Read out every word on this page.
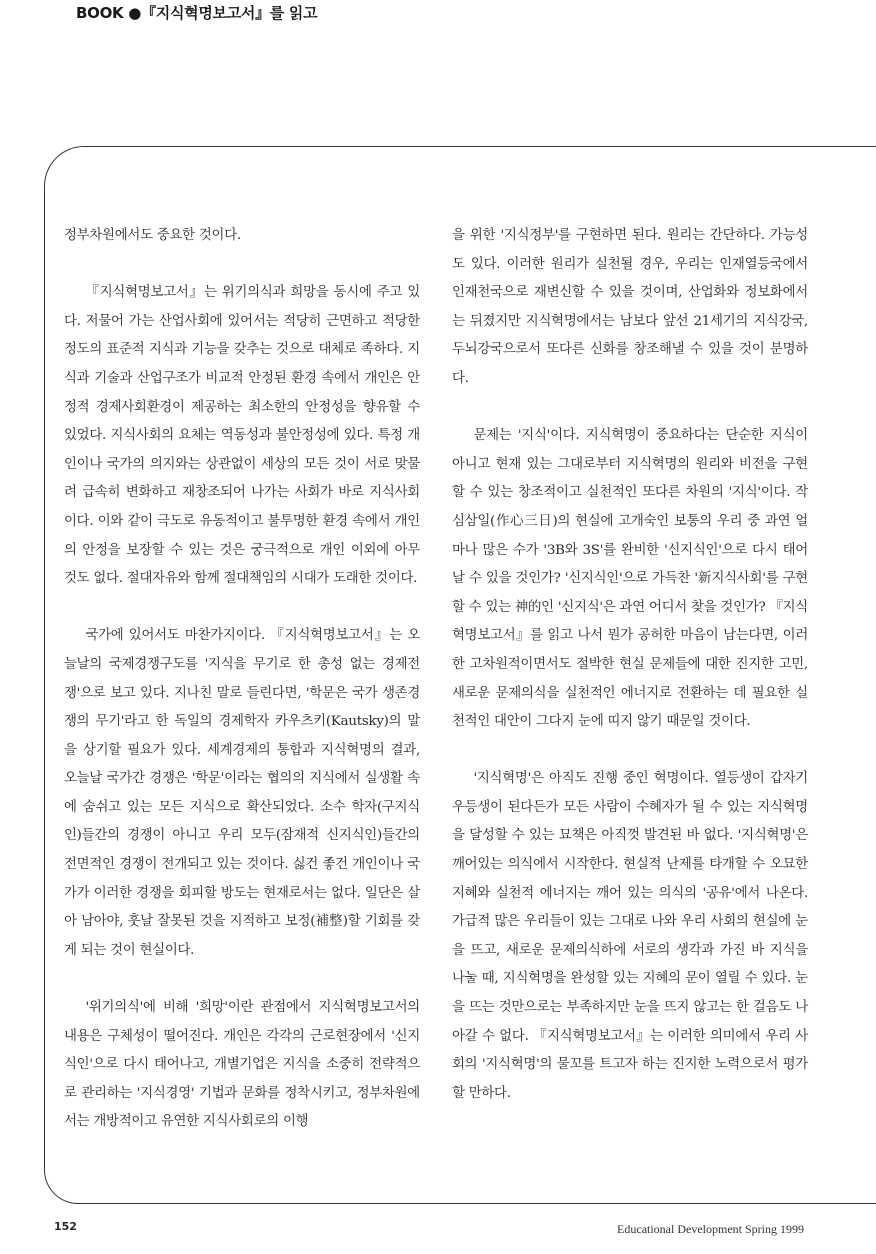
BOOK ●『지식혁명보고서』를 읽고

정부차원에서도 중요한 것이다.

『지식혁명보고서』는 위기의식과 희망을 동시에 주고 있다. 저물어 가는 산업사회에 있어서는 적당히 근면하고 적당한 정도의 표준적 지식과 기능을 갖추는 것으로 대체로 족하다. 지식과 기술과 산업구조가 비교적 안정된 환경 속에서 개인은 안정적 경제사회환경이 제공하는 최소한의 안정성을 향유할 수 있었다. 지식사회의 요체는 역동성과 불안정성에 있다. 특정 개인이나 국가의 의지와는 상관없이 세상의 모든 것이 서로 맞물려 급속히 변화하고 재창조되어 나가는 사회가 바로 지식사회이다. 이와 같이 극도로 유동적이고 불투명한 환경 속에서 개인의 안정을 보장할 수 있는 것은 궁극적으로 개인 이외에 아무 것도 없다. 절대자유와 함께 절대책임의 시대가 도래한 것이다.

국가에 있어서도 마찬가지이다. 『지식혁명보고서』는 오늘날의 국제경쟁구도를 '지식을 무기로 한 총성 없는 경제전쟁'으로 보고 있다. 지나친 말로 들린다면, '학문은 국가 생존경쟁의 무기'라고 한 독일의 경제학자 카우츠키(Kautsky)의 말을 상기할 필요가 있다. 세계경제의 통합과 지식혁명의 결과, 오늘날 국가간 경쟁은 '학문'이라는 협의의 지식에서 실생활 속에 숨쉬고 있는 모든 지식으로 확산되었다. 소수 학자(구지식인)들간의 경쟁이 아니고 우리 모두(잠재적 신지식인)들간의 전면적인 경쟁이 전개되고 있는 것이다. 싫건 좋건 개인이나 국가가 이러한 경쟁을 회피할 방도는 현재로서는 없다. 일단은 살아 남아야, 훗날 잘못된 것을 지적하고 보정(補整)할 기회를 갖게 되는 것이 현실이다.

'위기의식'에 비해 '희망'이란 관점에서 지식혁명보고서의 내용은 구체성이 떨어진다. 개인은 각각의 근로현장에서 '신지식인'으로 다시 태어나고, 개별기업은 지식을 소중히 전략적으로 관리하는 '지식경영' 기법과 문화를 정착시키고, 정부차원에서는 개방적이고 유연한 지식사회로의 이행

을 위한 '지식정부'를 구현하면 된다. 원리는 간단하다. 가능성도 있다. 이러한 원리가 실천될 경우, 우리는 인재열등국에서 인재천국으로 재변신할 수 있을 것이며, 산업화와 정보화에서는 뒤졌지만 지식혁명에서는 남보다 앞선 21세기의 지식강국, 두뇌강국으로서 또다른 신화를 창조해낼 수 있을 것이 분명하다.

문제는 '지식'이다. 지식혁명이 중요하다는 단순한 지식이 아니고 현재 있는 그대로부터 지식혁명의 원리와 비전을 구현할 수 있는 창조적이고 실천적인 또다른 차원의 '지식'이다. 작심삼일(作心三日)의 현실에 고개숙인 보통의 우리 중 과연 얼마나 많은 수가 '3B와 3S'를 완비한 '신지식인'으로 다시 태어날 수 있을 것인가? '신지식인'으로 가득찬 '新지식사회'를 구현할 수 있는 神的인 '신지식'은 과연 어디서 찾을 것인가? 『지식혁명보고서』를 읽고 나서 뭔가 공허한 마음이 남는다면, 이러한 고차원적이면서도 절박한 현실 문제들에 대한 진지한 고민, 새로운 문제의식을 실천적인 에너지로 전환하는 데 필요한 실천적인 대안이 그다지 눈에 띠지 않기 때문일 것이다.

'지식혁명'은 아직도 진행 중인 혁명이다. 열등생이 갑자기 우등생이 된다든가 모든 사람이 수혜자가 될 수 있는 지식혁명을 달성할 수 있는 묘책은 아직껏 발견된 바 없다. '지식혁명'은 깨어있는 의식에서 시작한다. 현실적 난제를 타개할 수 오묘한 지혜와 실천적 에너지는 깨어 있는 의식의 '공유'에서 나온다. 가급적 많은 우리들이 있는 그대로 나와 우리 사회의 현실에 눈을 뜨고, 새로운 문제의식하에 서로의 생각과 가진 바 지식을 나눌 때, 지식혁명을 완성할 있는 지혜의 문이 열릴 수 있다. 눈을 뜨는 것만으로는 부족하지만 눈을 뜨지 않고는 한 걸음도 나아갈 수 없다. 『지식혁명보고서』는 이러한 의미에서 우리 사회의 '지식혁명'의 물꼬를 트고자 하는 진지한 노력으로서 평가할 만하다.

152	Educational Development Spring 1999
